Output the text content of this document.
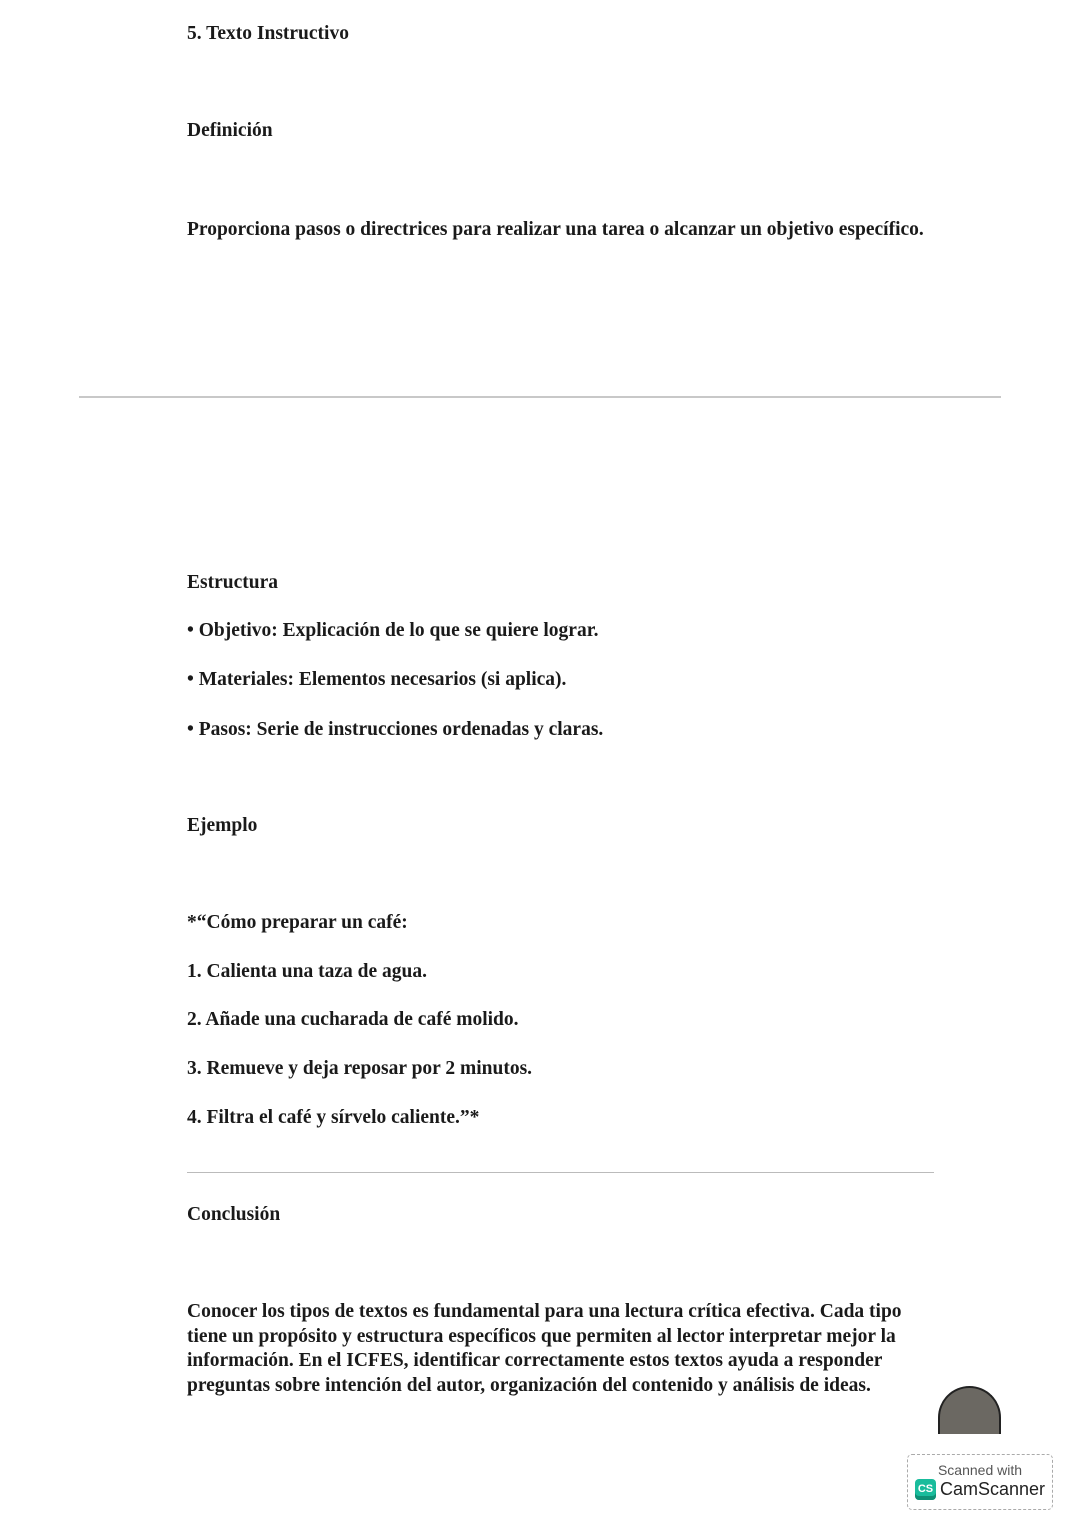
5. Texto Instructivo
Definición
Proporciona pasos o directrices para realizar una tarea o alcanzar un objetivo específico.
Estructura
• Objetivo: Explicación de lo que se quiere lograr.
• Materiales: Elementos necesarios (si aplica).
• Pasos: Serie de instrucciones ordenadas y claras.
Ejemplo
*“Cómo preparar un café:
1. Calienta una taza de agua.
2. Añade una cucharada de café molido.
3. Remueve y deja reposar por 2 minutos.
4. Filtra el café y sírvelo caliente.”*
Conclusión
Conocer los tipos de textos es fundamental para una lectura crítica efectiva. Cada tipo
tiene un propósito y estructura específicos que permiten al lector interpretar mejor la
información. En el ICFES, identificar correctamente estos textos ayuda a responder
preguntas sobre intención del autor, organización del contenido y análisis de ideas.
Scanned with
CS CamScanner
